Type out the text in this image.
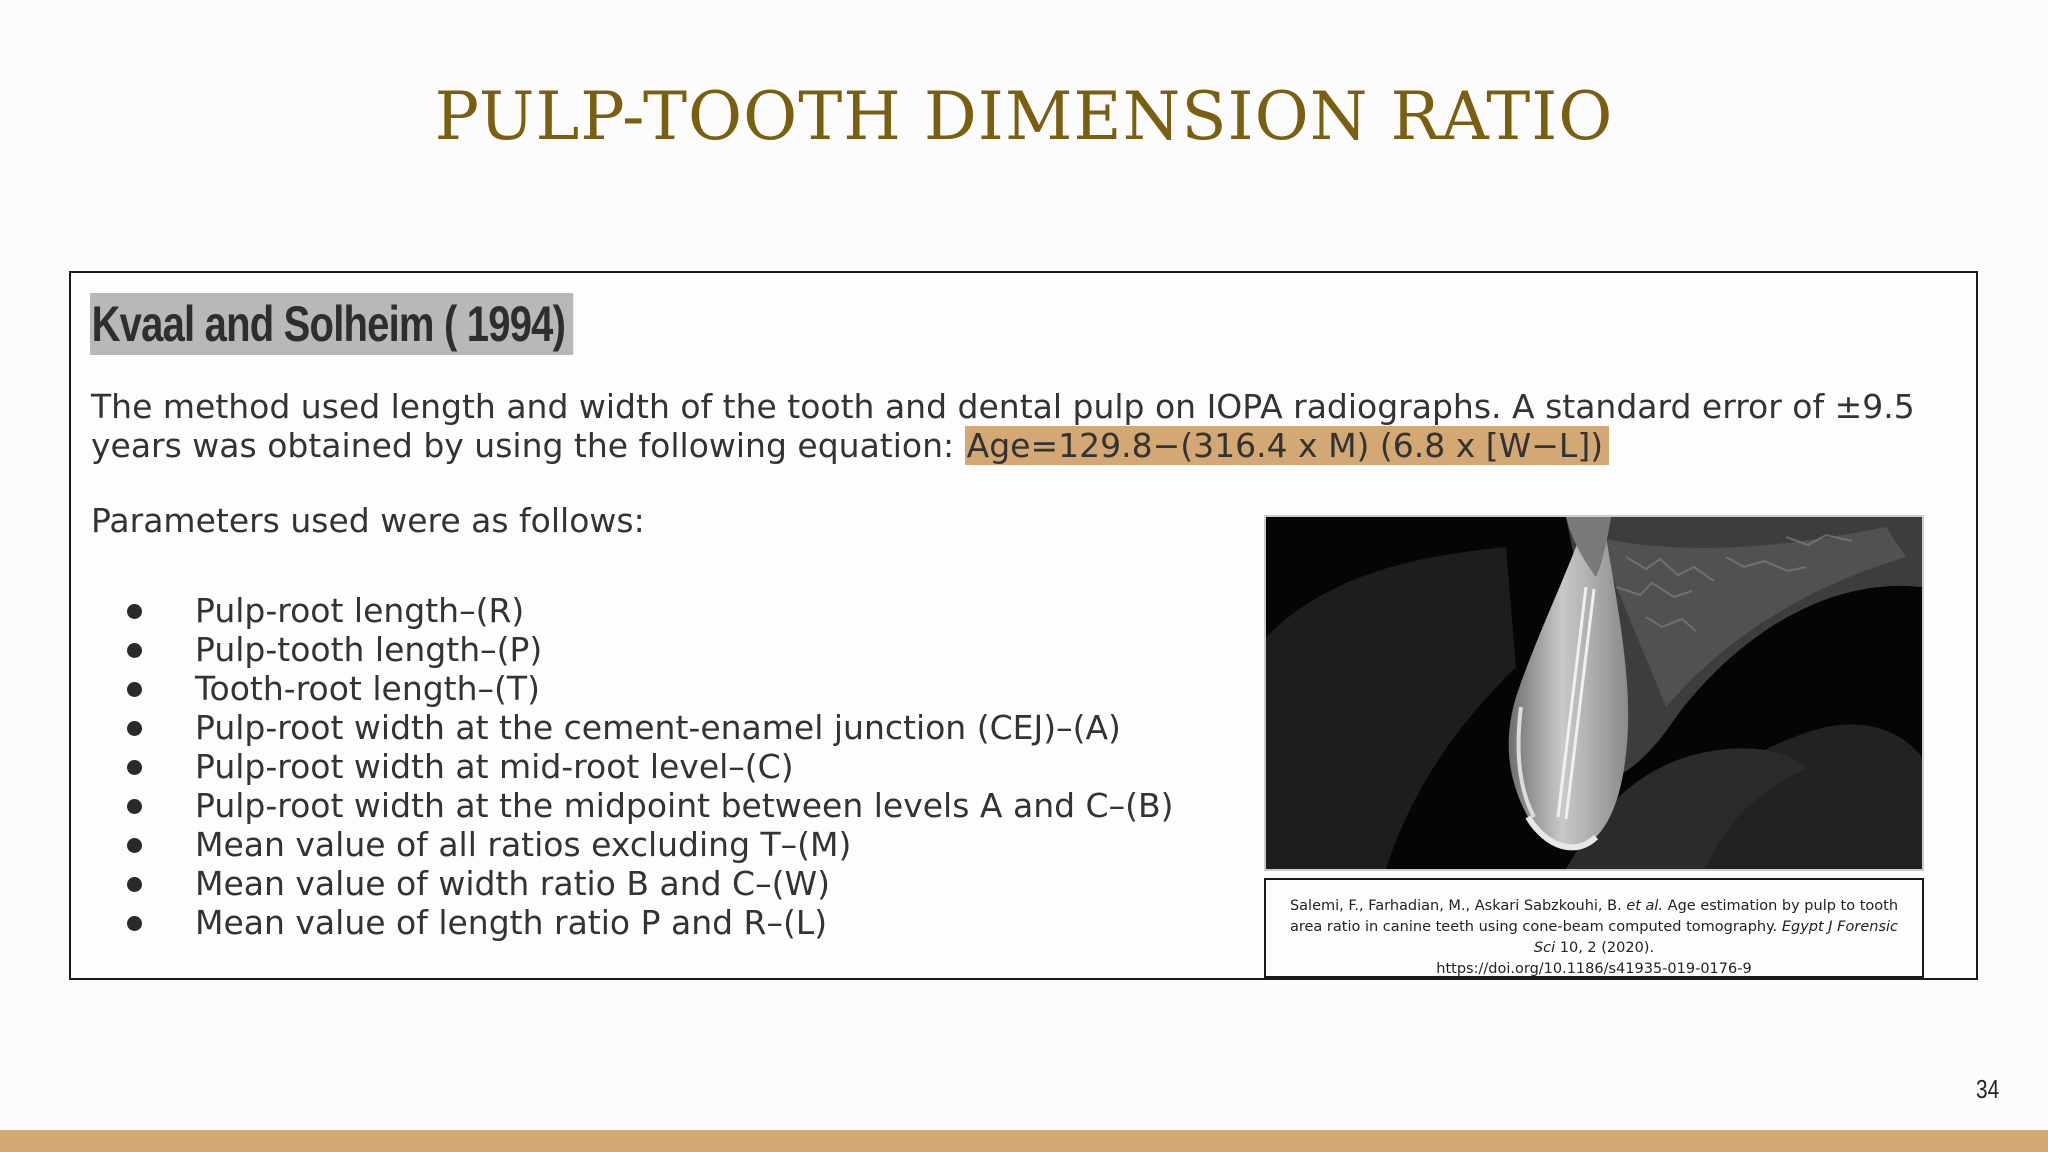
PULP-TOOTH DIMENSION RATIO
Kvaal and Solheim ( 1994)
The method used length and width of the tooth and dental pulp on IOPA radiographs. A standard error of ±9.5 years was obtained by using the following equation: Age=129.8−(316.4 x M) (6.8 x [W−L])
Parameters used were as follows:
Pulp-root length–(R)
Pulp-tooth length–(P)
Tooth-root length–(T)
Pulp-root width at the cement-enamel junction (CEJ)–(A)
Pulp-root width at mid-root level–(C)
Pulp-root width at the midpoint between levels A and C–(B)
Mean value of all ratios excluding T–(M)
Mean value of width ratio B and C–(W)
Mean value of length ratio P and R–(L)	Salemi, F., Farhadian, M., Askari Sabzkouhi, B. et al. Age estimation by pulp to tooth area ratio in canine teeth using cone-beam computed tomography. Egypt J Forensic Sci 10, 2 (2020).
https://doi.org/10.1186/s41935-019-0176-9
34
